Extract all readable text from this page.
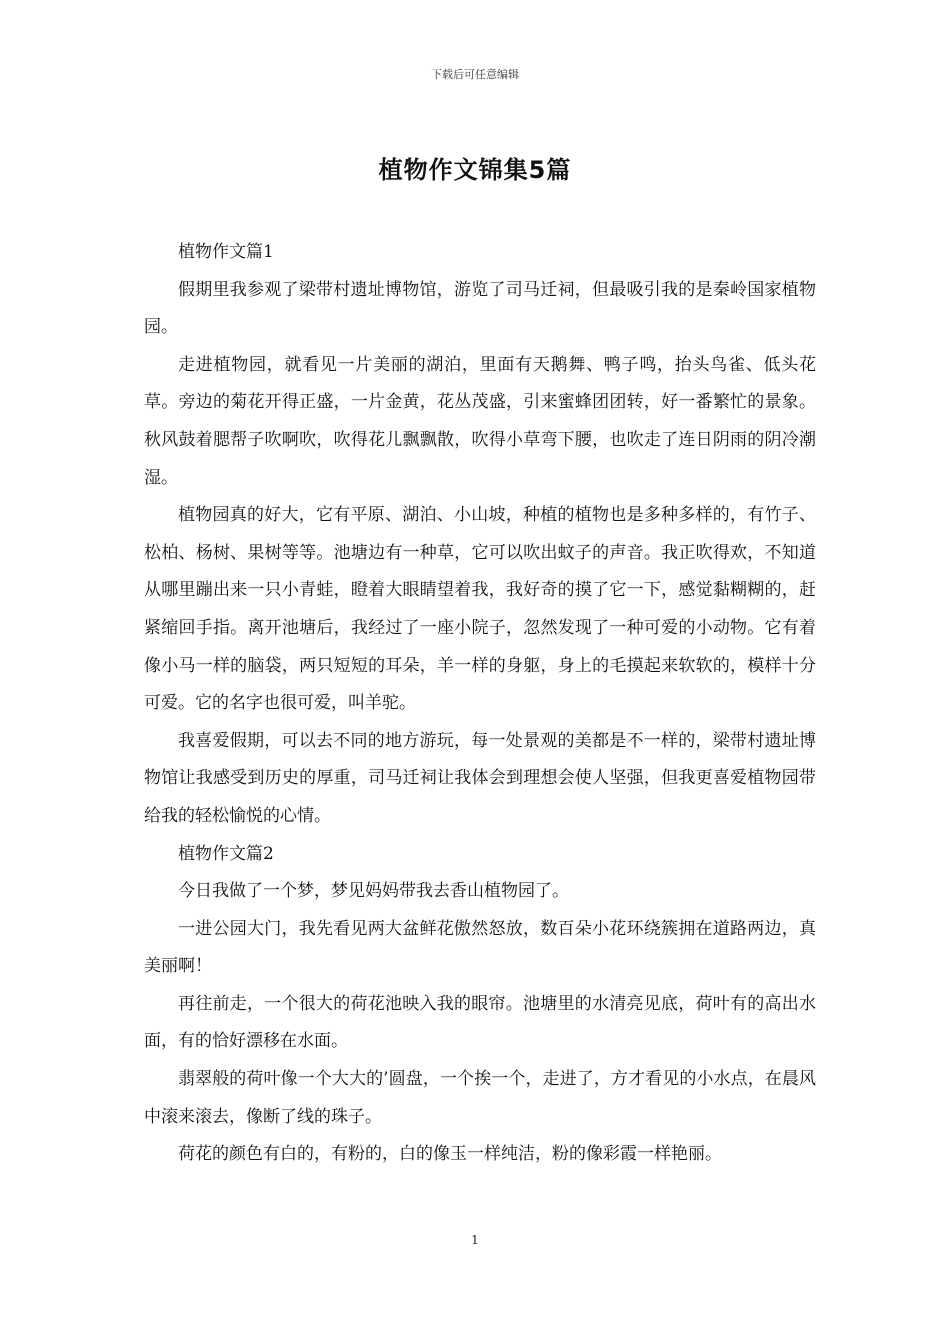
下载后可任意编辑
植物作文锦集5篇

植物作文篇1

假期里我参观了梁带村遗址博物馆，游览了司马迁祠，但最吸引我的是秦岭国家植物园。

走进植物园，就看见一片美丽的湖泊，里面有天鹅舞、鸭子鸣，抬头鸟雀、低头花草。旁边的菊花开得正盛，一片金黄，花丛茂盛，引来蜜蜂团团转，好一番繁忙的景象。秋风鼓着腮帮子吹啊吹，吹得花儿飘飘散，吹得小草弯下腰，也吹走了连日阴雨的阴冷潮湿。

植物园真的好大，它有平原、湖泊、小山坡，种植的植物也是多种多样的，有竹子、松柏、杨树、果树等等。池塘边有一种草，它可以吹出蚊子的声音。我正吹得欢，不知道从哪里蹦出来一只小青蛙，瞪着大眼睛望着我，我好奇的摸了它一下，感觉黏糊糊的，赶紧缩回手指。离开池塘后，我经过了一座小院子，忽然发现了一种可爱的小动物。它有着像小马一样的脑袋，两只短短的耳朵，羊一样的身躯，身上的毛摸起来软软的，模样十分可爱。它的名字也很可爱，叫羊驼。

我喜爱假期，可以去不同的地方游玩，每一处景观的美都是不一样的，梁带村遗址博物馆让我感受到历史的厚重，司马迁祠让我体会到理想会使人坚强，但我更喜爱植物园带给我的轻松愉悦的心情。

植物作文篇2

今日我做了一个梦，梦见妈妈带我去香山植物园了。

一进公园大门，我先看见两大盆鲜花傲然怒放，数百朵小花环绕簇拥在道路两边，真美丽啊！

再往前走，一个很大的荷花池映入我的眼帘。池塘里的水清亮见底，荷叶有的高出水面，有的恰好漂移在水面。

翡翠般的荷叶像一个大大的’圆盘，一个挨一个，走进了，方才看见的小水点，在晨风中滚来滚去，像断了线的珠子。

荷花的颜色有白的，有粉的，白的像玉一样纯洁，粉的像彩霞一样艳丽。

1
